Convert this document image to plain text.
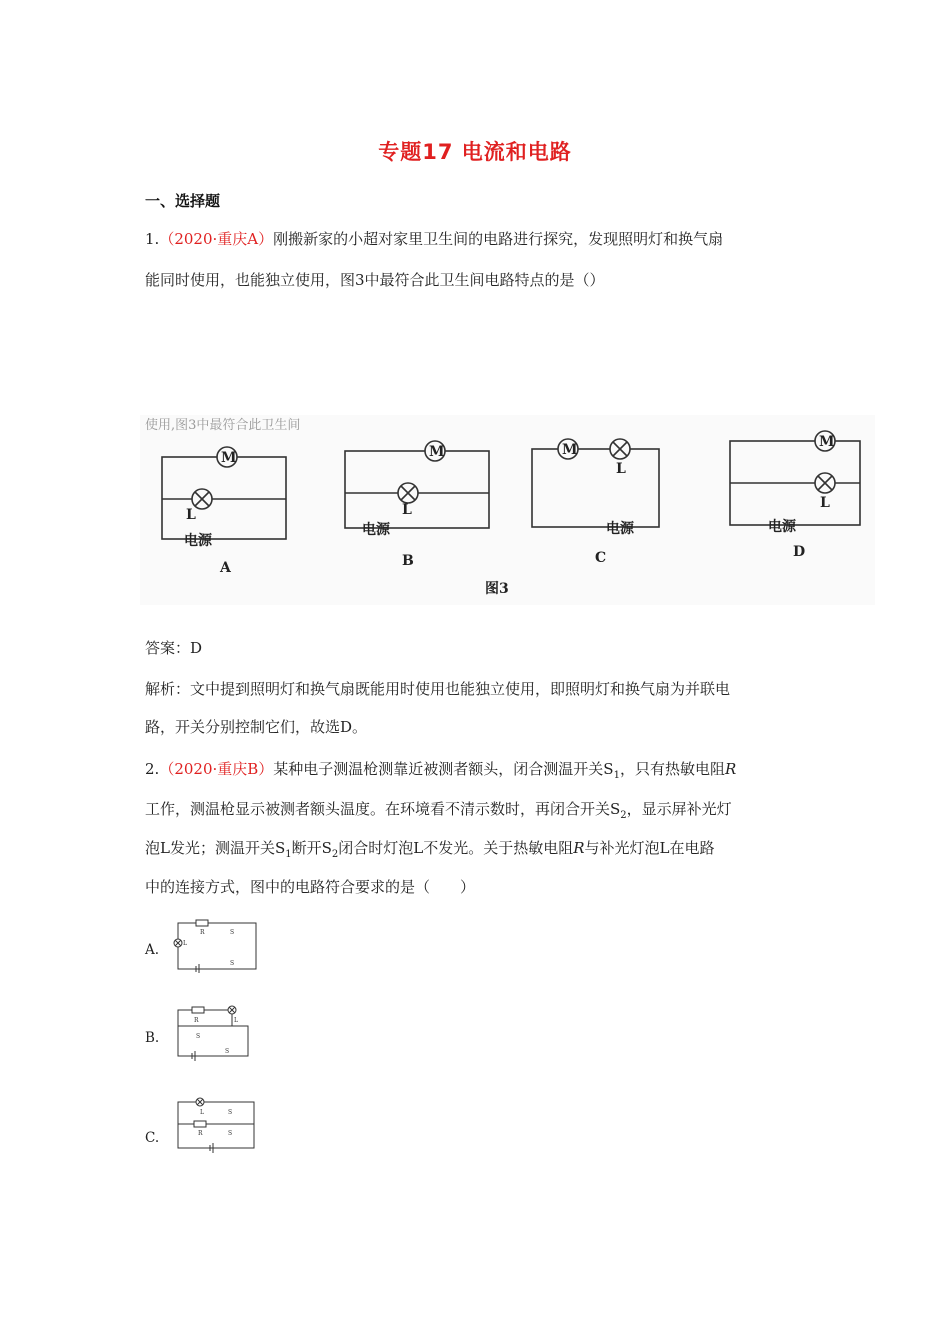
专题17 电流和电路
一、选择题
1.（2020·重庆A）刚搬新家的小超对家里卫生间的电路进行探究，发现照明灯和换气扇
能同时使用，也能独立使用，图3中最符合此卫生间电路特点的是（）
使用,图3中最符合此卫生间
M
L
M
L
M
L
M
L
电源
电源	电源	电源
A	B	C	D
图3
答案：D
解析：文中提到照明灯和换气扇既能用时使用也能独立使用，即照明灯和换气扇为并联电
路，开关分别控制它们，故选D。
2.（2020·重庆B）某种电子测温枪测靠近被测者额头，闭合测温开关$S_1$，只有热敏电阻R
工作，测温枪显示被测者额头温度。在环境看不清示数时，再闭合开关$S_2$，显示屏补光灯
泡L发光；测温开关$S_1$断开$S_2$闭合时灯泡L不发光。关于热敏电阻R与补光灯泡L在电路
中的连接方式，图中的电路符合要求的是（　　）
A.
R
L
S
S
B.
R	L
S
S
C.
L	S
R	S
